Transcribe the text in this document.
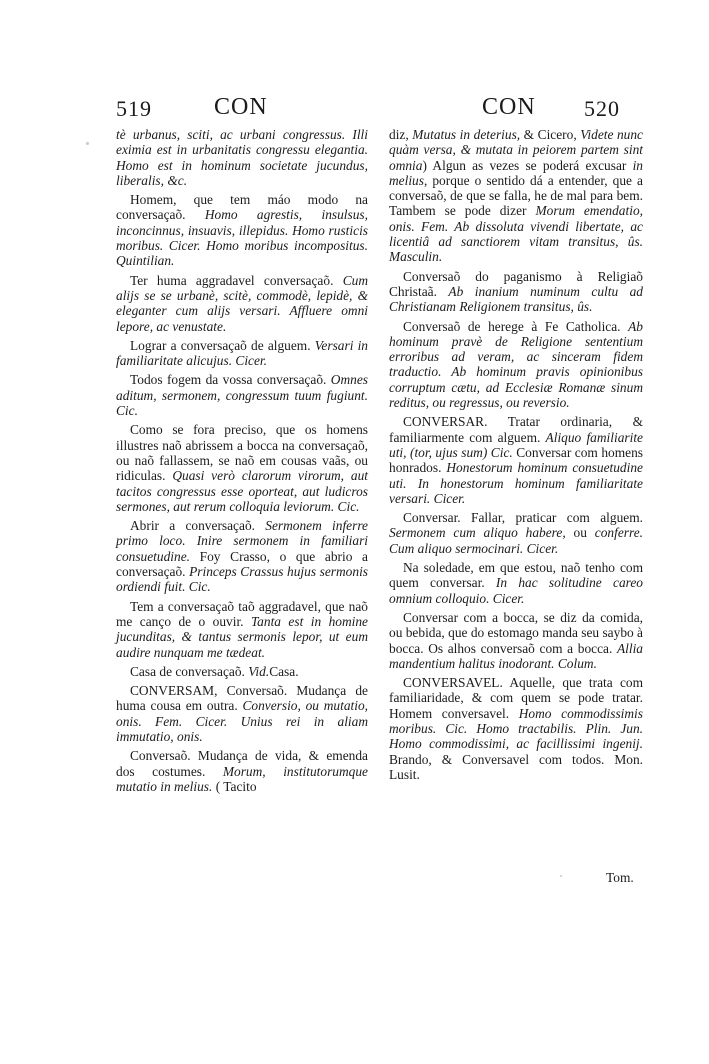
519	CON	CON 520

tè urbanus, sciti, ac urbani congressus. Illi eximia est in urbanitatis congressu elegantia. Homo est in hominum societate jucundus, liberalis, &c.

Homem, que tem máo modo na conversaçaõ. Homo agrestis, insulsus, inconcinnus, insuavis, illepidus. Homo rusticis moribus. Cicer. Homo moribus incompositus. Quintilian.

Ter huma aggradavel conversaçaõ. Cum alijs se se urbanè, scitè, commodè, lepidè, & eleganter cum alijs versari. Affluere omni lepore, ac venustate.

Lograr a conversaçaõ de alguem. Versari in familiaritate alicujus. Cicer.

Todos fogem da vossa conversaçaõ. Omnes aditum, sermonem, congressum tuum fugiunt. Cic.

Como se fora preciso, que os homens illustres naõ abrissem a bocca na conversaçaõ, ou naõ fallassem, se naõ em cousas vaãs, ou ridiculas. Quasi verò clarorum virorum, aut tacitos congressus esse oporteat, aut ludicros sermones, aut rerum colloquia leviorum. Cic.

Abrir a conversaçaõ. Sermonem inferre primo loco. Inire sermonem in familiari consuetudine. Foy Crasso, o que abrio a conversaçaõ. Princeps Crassus hujus sermonis ordiendi fuit. Cic.

Tem a conversaçaõ taõ aggradavel, que naõ me canço de o ouvir. Tanta est in homine jucunditas, & tantus sermonis lepor, ut eum audire nunquam me tædeat.

Casa de conversaçaõ. Vid.Casa.

CONVERSAM, Conversaõ. Mudança de huma cousa em outra. Conversio, ou mutatio, onis. Fem. Cicer. Unius rei in aliam immutatio, onis.

Conversaõ. Mudança de vida, & emenda dos costumes. Morum, institutorumque mutatio in melius. ( Tacito

diz, Mutatus in deterius, & Cicero, Videte nunc quàm versa, & mutata in peiorem partem sint omnia) Algun as vezes se poderá excusar in melius, porque o sentido dá a entender, que a conversaõ, de que se falla, he de mal para bem. Tambem se pode dizer Morum emendatio, onis. Fem. Ab dissoluta vivendi libertate, ac licentiâ ad sanctiorem vitam transitus, ûs. Masculin.

Conversaõ do paganismo à Religiaõ Christaã. Ab inanium numinum cultu ad Christianam Religionem transitus, ûs.

Conversaõ de herege à Fe Catholica. Ab hominum pravè de Religione sententium erroribus ad veram, ac sinceram fidem traductio. Ab hominum pravis opinionibus corruptum cætu, ad Ecclesiæ Romanæ sinum reditus, ou regressus, ou reversio.

CONVERSAR. Tratar ordinaria, & familiarmente com alguem. Aliquo familiarite uti, (tor, ujus sum) Cic. Conversar com homens honrados. Honestorum hominum consuetudine uti. In honestorum hominum familiaritate versari. Cicer.

Conversar. Fallar, praticar com alguem. Sermonem cum aliquo habere, ou conferre. Cum aliquo sermocinari. Cicer.

Na soledade, em que estou, naõ tenho com quem conversar. In hac solitudine careo omnium colloquio. Cicer.

Conversar com a bocca, se diz da comida, ou bebida, que do estomago manda seu saybo à bocca. Os alhos conversaõ com a bocca. Allia mandentium halitus inodorant. Colum.

CONVERSAVEL. Aquelle, que trata com familiaridade, & com quem se pode tratar. Homem conversavel. Homo commodissimis moribus. Cic. Homo tractabilis. Plin. Jun. Homo commodissimi, ac facillissimi ingenij. Brando, & Conversavel com todos. Mon. Lusit.

Tom.
